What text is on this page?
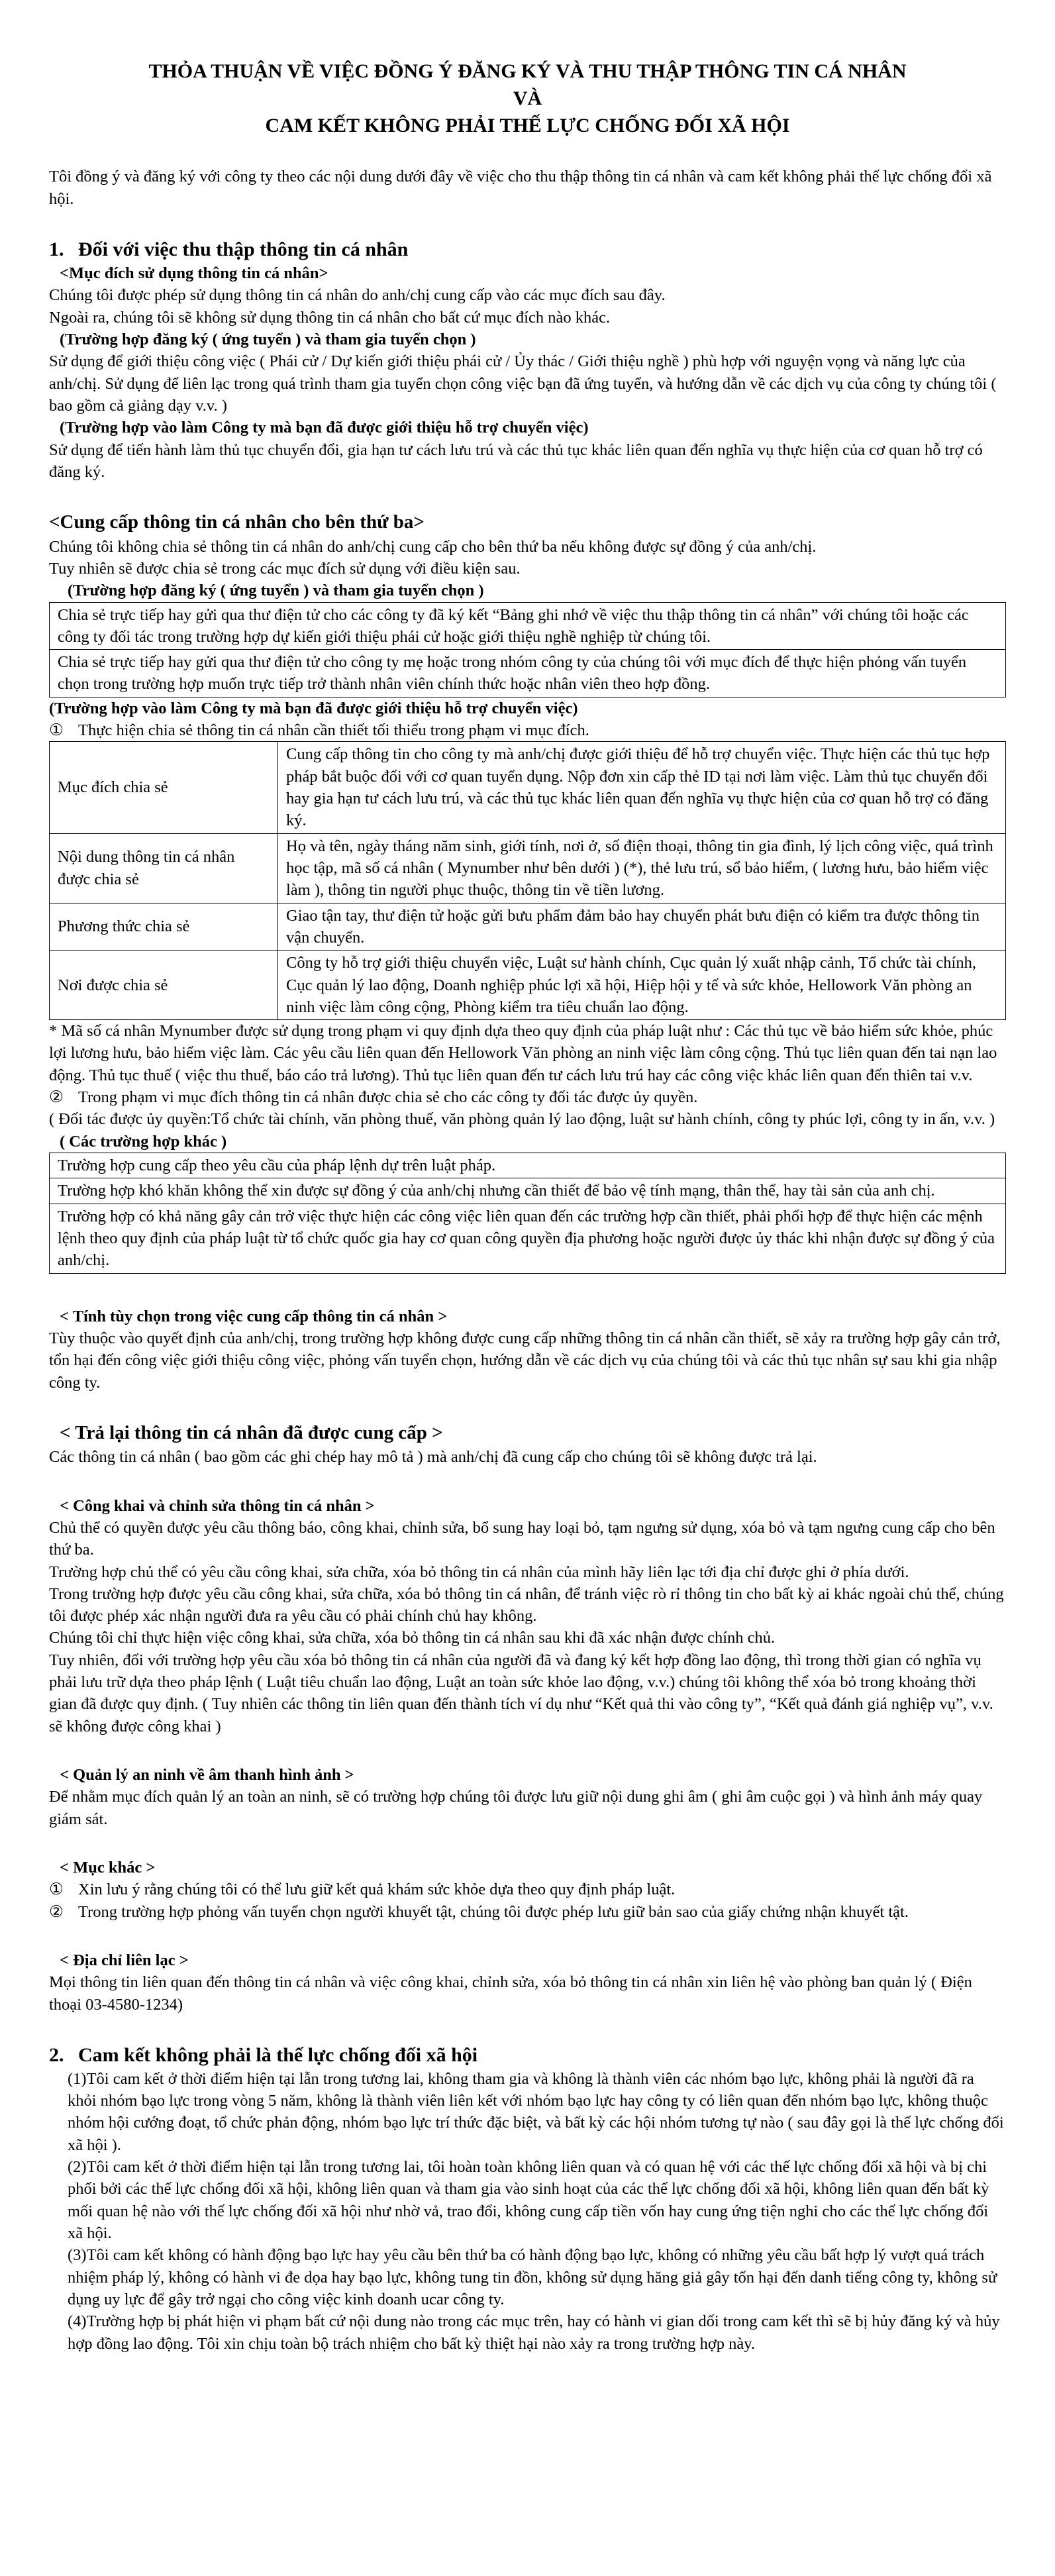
THỎA THUẬN VỀ VIỆC ĐỒNG Ý ĐĂNG KÝ VÀ THU THẬP THÔNG TIN CÁ NHÂN
VÀ
CAM KẾT KHÔNG PHẢI THẾ LỰC CHỐNG ĐỐI XÃ HỘI

Tôi đồng ý và đăng ký với công ty theo các nội dung dưới đây về việc cho thu thập thông tin cá nhân và cam kết không phải thế lực chống đối xã hội.

1. Đối với việc thu thập thông tin cá nhân
<Mục đích sử dụng thông tin cá nhân>

Chúng tôi được phép sử dụng thông tin cá nhân do anh/chị cung cấp vào các mục đích sau đây.

Ngoài ra, chúng tôi sẽ không sử dụng thông tin cá nhân cho bất cứ mục đích nào khác.

(Trường hợp đăng ký ( ứng tuyển ) và tham gia tuyển chọn )

Sử dụng để giới thiệu công việc ( Phái cử / Dự kiến giới thiệu phái cử / Ủy thác / Giới thiệu nghề ) phù hợp với nguyện vọng và năng lực của anh/chị. Sử dụng để liên lạc trong quá trình tham gia tuyển chọn công việc bạn đã ứng tuyển, và hướng dẫn về các dịch vụ của công ty chúng tôi ( bao gồm cả giảng dạy v.v. )

(Trường hợp vào làm Công ty mà bạn đã được giới thiệu hỗ trợ chuyển việc)

Sử dụng để tiến hành làm thủ tục chuyển đổi, gia hạn tư cách lưu trú và các thủ tục khác liên quan đến nghĩa vụ thực hiện của cơ quan hỗ trợ có đăng ký.

<Cung cấp thông tin cá nhân cho bên thứ ba>

Chúng tôi không chia sẻ thông tin cá nhân do anh/chị cung cấp cho bên thứ ba nếu không được sự đồng ý của anh/chị.

Tuy nhiên sẽ được chia sẻ trong các mục đích sử dụng với điều kiện sau.

(Trường hợp đăng ký ( ứng tuyển ) và tham gia tuyển chọn )
Chia sẻ trực tiếp hay gửi qua thư điện tử cho các công ty đã ký kết “Bảng ghi nhớ về việc thu thập thông tin cá nhân” với chúng tôi hoặc các công ty đối tác trong trường hợp dự kiến giới thiệu phái cử hoặc giới thiệu nghề nghiệp từ chúng tôi.
Chia sẻ trực tiếp hay gửi qua thư điện tử cho công ty mẹ hoặc trong nhóm công ty của chúng tôi với mục đích để thực hiện phỏng vấn tuyển chọn trong trường hợp muốn trực tiếp trở thành nhân viên chính thức hoặc nhân viên theo hợp đồng.
(Trường hợp vào làm Công ty mà bạn đã được giới thiệu hỗ trợ chuyển việc)

① Thực hiện chia sẻ thông tin cá nhân cần thiết tối thiểu trong phạm vi mục đích.

Mục đích chia sẻ	Cung cấp thông tin cho công ty mà anh/chị được giới thiệu để hỗ trợ chuyển việc. Thực hiện các thủ tục hợp pháp bắt buộc đối với cơ quan tuyển dụng. Nộp đơn xin cấp thẻ ID tại nơi làm việc. Làm thủ tục chuyển đổi hay gia hạn tư cách lưu trú, và các thủ tục khác liên quan đến nghĩa vụ thực hiện của cơ quan hỗ trợ có đăng ký.
Nội dung thông tin cá nhân được chia sẻ	Họ và tên, ngày tháng năm sinh, giới tính, nơi ở, số điện thoại, thông tin gia đình, lý lịch công việc, quá trình học tập, mã số cá nhân ( Mynumber như bên dưới ) (*), thẻ lưu trú, sổ bảo hiểm, ( lương hưu, bảo hiểm việc làm ), thông tin người phục thuộc, thông tin về tiền lương.
Phương thức chia sẻ	Giao tận tay, thư điện tử hoặc gửi bưu phẩm đảm bảo hay chuyển phát bưu điện có kiểm tra được thông tin vận chuyển.
Nơi được chia sẻ	Công ty hỗ trợ giới thiệu chuyển việc, Luật sư hành chính, Cục quản lý xuất nhập cảnh, Tổ chức tài chính, Cục quản lý lao động, Doanh nghiệp phúc lợi xã hội, Hiệp hội y tế và sức khỏe, Hellowork Văn phòng an ninh việc làm công cộng, Phòng kiểm tra tiêu chuẩn lao động.

* Mã số cá nhân Mynumber được sử dụng trong phạm vi quy định dựa theo quy định của pháp luật như : Các thủ tục về bảo hiểm sức khỏe, phúc lợi lương hưu, bảo hiểm việc làm. Các yêu cầu liên quan đến Hellowork Văn phòng an ninh việc làm công cộng. Thủ tục liên quan đến tai nạn lao động. Thủ tục thuế ( việc thu thuế, báo cáo trả lương). Thủ tục liên quan đến tư cách lưu trú hay các công việc khác liên quan đến thiên tai v.v.

② Trong phạm vi mục đích thông tin cá nhân được chia sẻ cho các công ty đối tác được ủy quyền.

( Đối tác được ủy quyền:Tổ chức tài chính, văn phòng thuế, văn phòng quản lý lao động, luật sư hành chính, công ty phúc lợi, công ty in ấn, v.v. )

( Các trường hợp khác )
Trường hợp cung cấp theo yêu cầu của pháp lệnh dự trên luật pháp.
Trường hợp khó khăn không thể xin được sự đồng ý của anh/chị nhưng cần thiết để bảo vệ tính mạng, thân thể, hay tài sản của anh chị.
Trường hợp có khả năng gây cản trở việc thực hiện các công việc liên quan đến các trường hợp cần thiết, phải phối hợp để thực hiện các mệnh lệnh theo quy định của pháp luật từ tổ chức quốc gia hay cơ quan công quyền địa phương hoặc người được ủy thác khi nhận được sự đồng ý của anh/chị.
< Tính tùy chọn trong việc cung cấp thông tin cá nhân >

Tùy thuộc vào quyết định của anh/chị, trong trường hợp không được cung cấp những thông tin cá nhân cần thiết, sẽ xảy ra trường hợp gây cản trở, tổn hại đến công việc giới thiệu công việc, phỏng vấn tuyển chọn, hướng dẫn về các dịch vụ của chúng tôi và các thủ tục nhân sự sau khi gia nhập công ty.

< Trả lại thông tin cá nhân đã được cung cấp >

Các thông tin cá nhân ( bao gồm các ghi chép hay mô tả ) mà anh/chị đã cung cấp cho chúng tôi sẽ không được trả lại.

< Công khai và chỉnh sửa thông tin cá nhân >

Chủ thể có quyền được yêu cầu thông báo, công khai, chỉnh sửa, bổ sung hay loại bỏ, tạm ngưng sử dụng, xóa bỏ và tạm ngưng cung cấp cho bên thứ ba.

Trường hợp chủ thể có yêu cầu công khai, sửa chữa, xóa bỏ thông tin cá nhân của mình hãy liên lạc tới địa chỉ được ghi ở phía dưới.

Trong trường hợp được yêu cầu công khai, sửa chữa, xóa bỏ thông tin cá nhân, để tránh việc rò rỉ thông tin cho bất kỳ ai khác ngoài chủ thể, chúng tôi được phép xác nhận người đưa ra yêu cầu có phải chính chủ hay không.

Chúng tôi chỉ thực hiện việc công khai, sửa chữa, xóa bỏ thông tin cá nhân sau khi đã xác nhận được chính chủ.

Tuy nhiên, đối với trường hợp yêu cầu xóa bỏ thông tin cá nhân của người đã và đang ký kết hợp đồng lao động, thì trong thời gian có nghĩa vụ phải lưu trữ dựa theo pháp lệnh ( Luật tiêu chuẩn lao động, Luật an toàn sức khỏe lao động, v.v.) chúng tôi không thể xóa bỏ trong khoảng thời gian đã được quy định. ( Tuy nhiên các thông tin liên quan đến thành tích ví dụ như “Kết quả thi vào công ty”, “Kết quả đánh giá nghiệp vụ”, v.v. sẽ không được công khai )

< Quản lý an ninh về âm thanh hình ảnh >

Để nhằm mục đích quản lý an toàn an ninh, sẽ có trường hợp chúng tôi được lưu giữ nội dung ghi âm ( ghi âm cuộc gọi ) và hình ảnh máy quay giám sát.

< Mục khác >
① Xin lưu ý rằng chúng tôi có thể lưu giữ kết quả khám sức khỏe dựa theo quy định pháp luật.
② Trong trường hợp phỏng vấn tuyển chọn người khuyết tật, chúng tôi được phép lưu giữ bản sao của giấy chứng nhận khuyết tật.
< Địa chỉ liên lạc >

Mọi thông tin liên quan đến thông tin cá nhân và việc công khai, chỉnh sửa, xóa bỏ thông tin cá nhân xin liên hệ vào phòng ban quản lý ( Điện thoại 03-4580-1234)

2. Cam kết không phải là thế lực chống đối xã hội

(1)Tôi cam kết ở thời điểm hiện tại lẫn trong tương lai, không tham gia và không là thành viên các nhóm bạo lực, không phải là người đã ra khỏi nhóm bạo lực trong vòng 5 năm, không là thành viên liên kết với nhóm bạo lực hay công ty có liên quan đến nhóm bạo lực, không thuộc nhóm hội cướng đoạt, tổ chức phản động, nhóm bạo lực trí thức đặc biệt, và bất kỳ các hội nhóm tương tự nào ( sau đây gọi là thế lực chống đối xã hội ).

(2)Tôi cam kết ở thời điểm hiện tại lẫn trong tương lai, tôi hoàn toàn không liên quan và có quan hệ với các thế lực chống đối xã hội và bị chi phối bởi các thế lực chống đối xã hội, không liên quan và tham gia vào sinh hoạt của các thế lực chống đối xã hội, không liên quan đến bất kỳ mối quan hệ nào với thế lực chống đối xã hội như nhờ vả, trao đổi, không cung cấp tiền vốn hay cung ứng tiện nghi cho các thế lực chống đối xã hội.

(3)Tôi cam kết không có hành động bạo lực hay yêu cầu bên thứ ba có hành động bạo lực, không có những yêu cầu bất hợp lý vượt quá trách nhiệm pháp lý, không có hành vi đe dọa hay bạo lực, không tung tin đồn, không sử dụng hăng giả gây tổn hại đến danh tiếng công ty, không sử dụng uy lực để gây trở ngại cho công việc kinh doanh ucar công ty.

(4)Trường hợp bị phát hiện vi phạm bất cứ nội dung nào trong các mục trên, hay có hành vi gian dối trong cam kết thì sẽ bị hủy đăng ký và hủy hợp đồng lao động. Tôi xin chịu toàn bộ trách nhiệm cho bất kỳ thiệt hại nào xảy ra trong trường hợp này.
